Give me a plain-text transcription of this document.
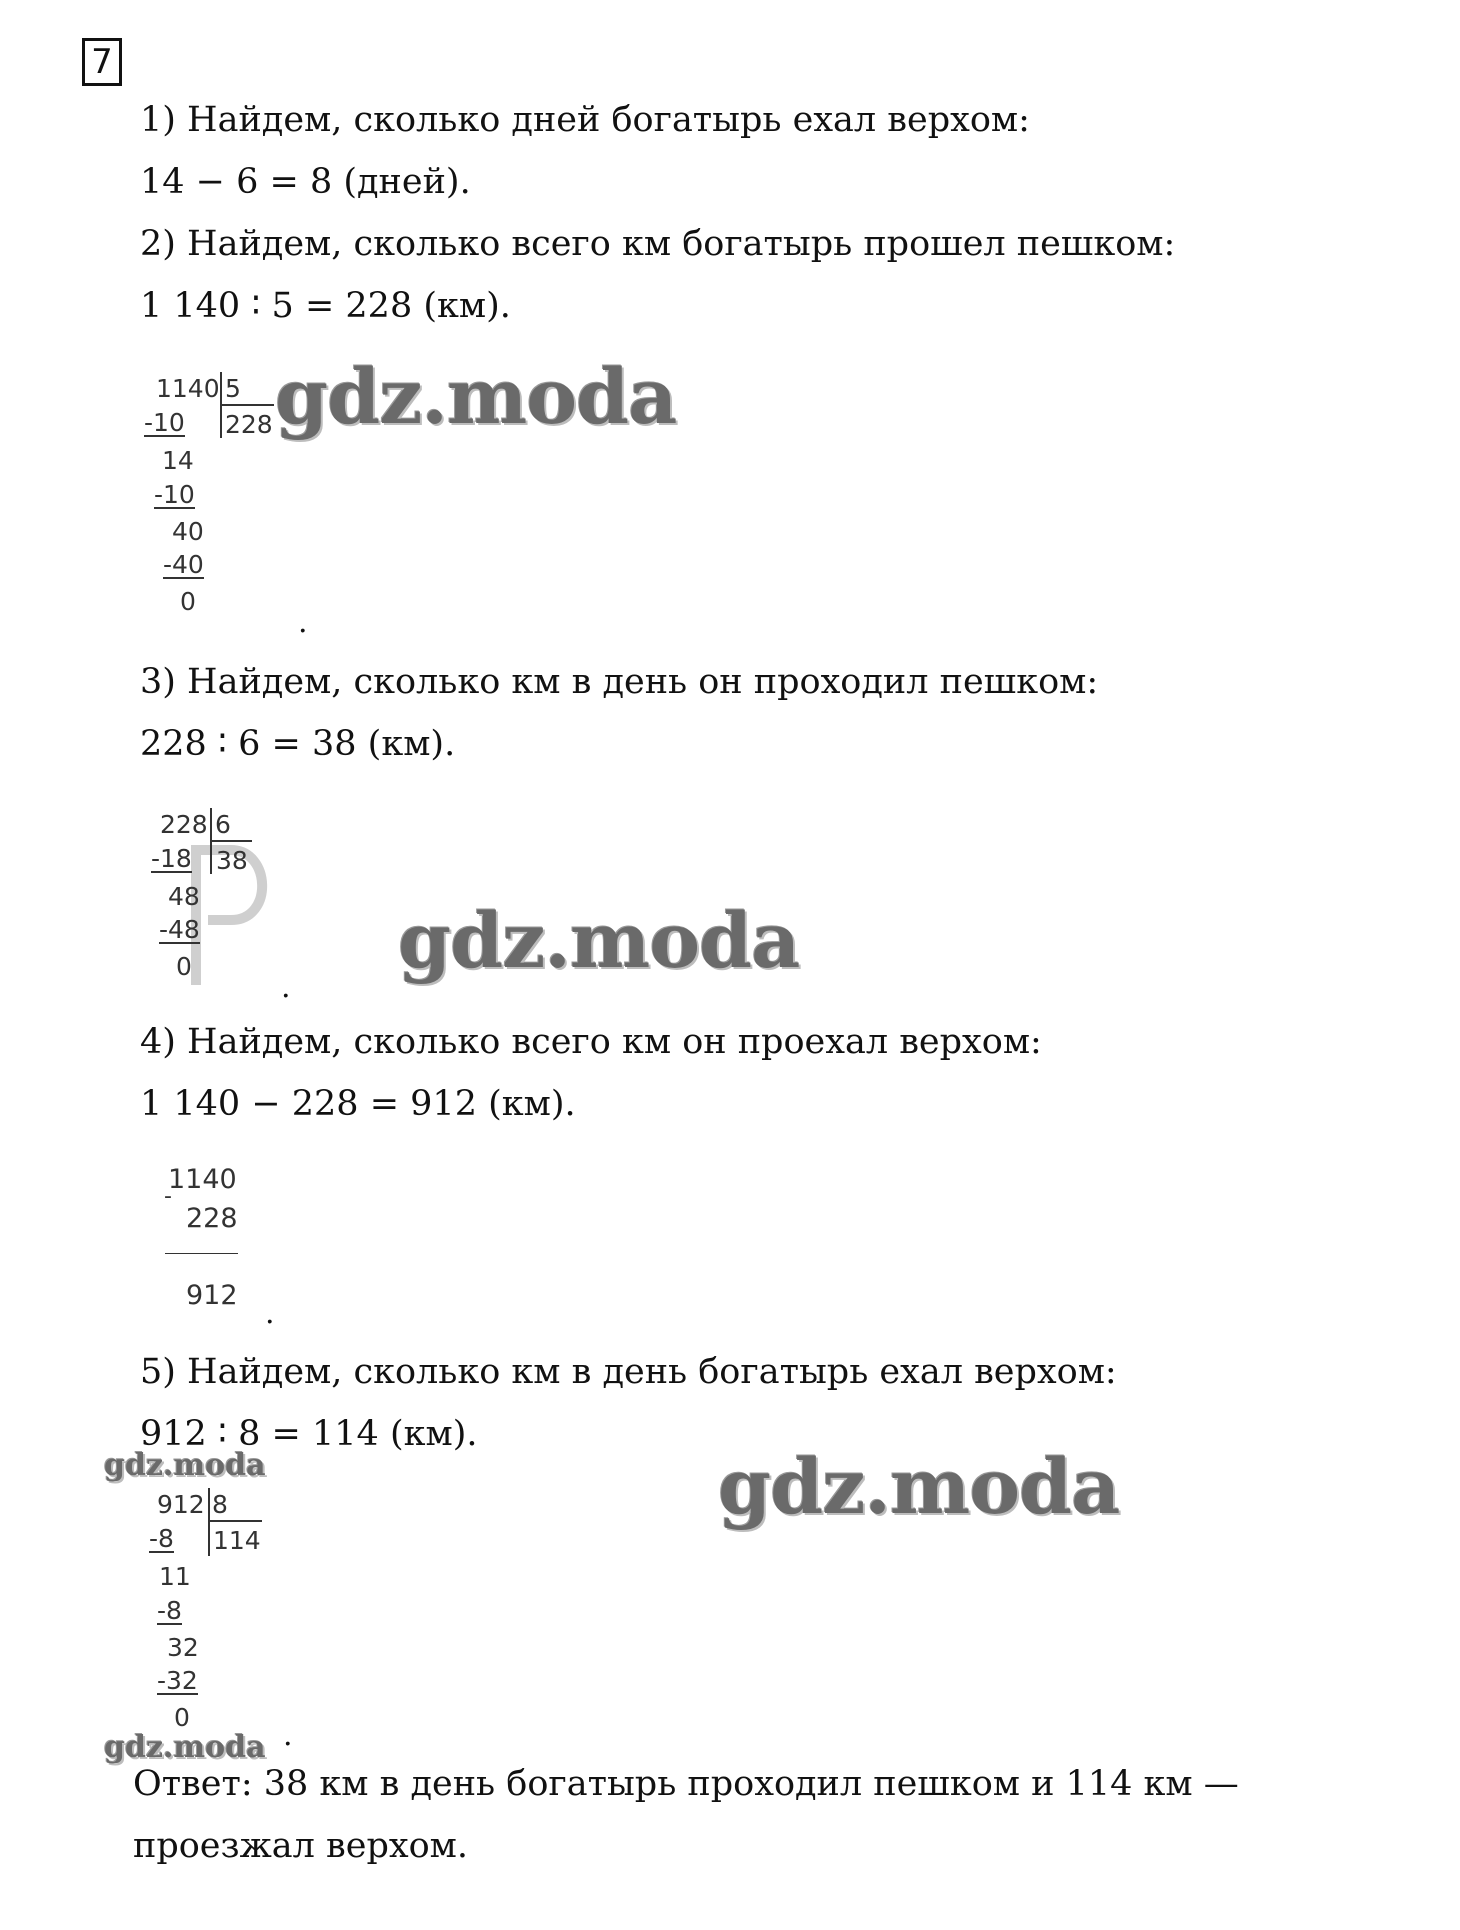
7
1) Найдем, сколько дней богатырь ехал верхом:
14 − 6 = 8 (дней).
2) Найдем, сколько всего км богатырь прошел пешком:
1 140 ∶ 5 = 228 (км).
1140 5
228
-10
14
-10
40
-40
0
.
gdz.moda
3) Найдем, сколько км в день он проходил пешком:
228 ∶ 6 = 38 (км).
228 6
38
-18
48
-48
0
.
gdz.moda
4) Найдем, сколько всего км он проехал верхом:
1 140 − 228 = 912 (км).
1140
-
228
912
.
5) Найдем, сколько км в день богатырь ехал верхом:
912 ∶ 8 = 114 (км).
gdz.moda	gdz.moda
912 8
114
-8
11
-8
32
-32
0
.
gdz.moda
Ответ: 38 км в день богатырь проходил пешком и 114 км —
проезжал верхом.
